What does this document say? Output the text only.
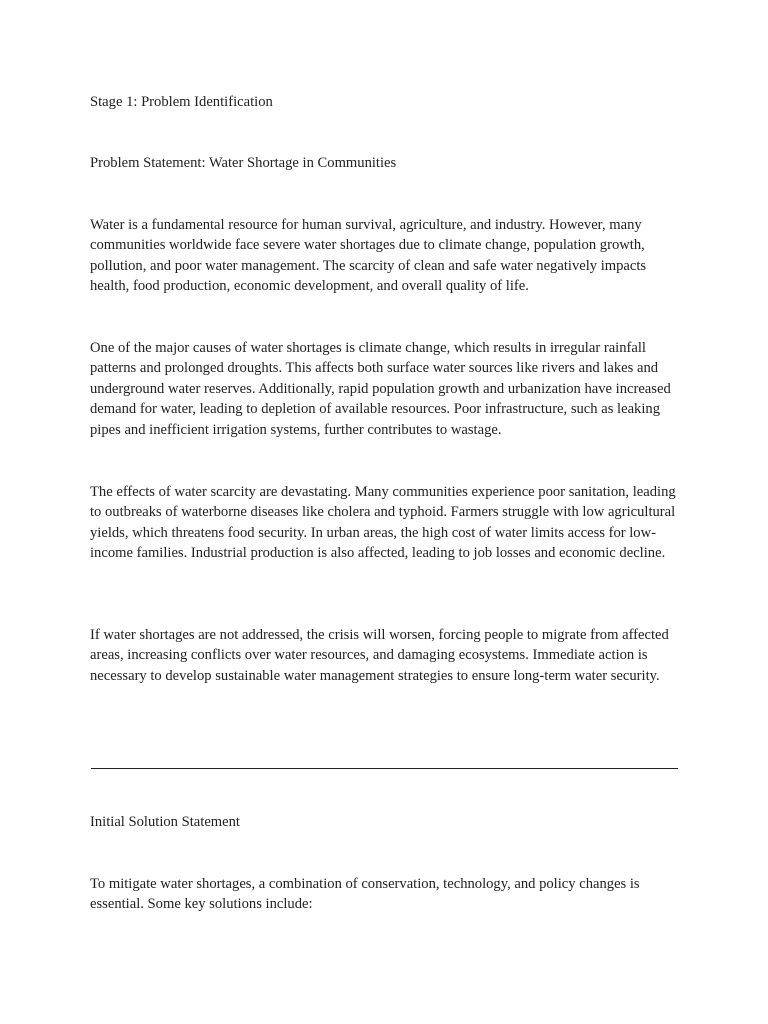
Stage 1: Problem Identification

Problem Statement: Water Shortage in Communities

Water is a fundamental resource for human survival, agriculture, and industry. However, many communities worldwide face severe water shortages due to climate change, population growth, pollution, and poor water management. The scarcity of clean and safe water negatively impacts health, food production, economic development, and overall quality of life.

One of the major causes of water shortages is climate change, which results in irregular rainfall patterns and prolonged droughts. This affects both surface water sources like rivers and lakes and underground water reserves. Additionally, rapid population growth and urbanization have increased demand for water, leading to depletion of available resources. Poor infrastructure, such as leaking pipes and inefficient irrigation systems, further contributes to wastage.

The effects of water scarcity are devastating. Many communities experience poor sanitation, leading to outbreaks of waterborne diseases like cholera and typhoid. Farmers struggle with low agricultural yields, which threatens food security. In urban areas, the high cost of water limits access for low-income families. Industrial production is also affected, leading to job losses and economic decline.

If water shortages are not addressed, the crisis will worsen, forcing people to migrate from affected areas, increasing conflicts over water resources, and damaging ecosystems. Immediate action is necessary to develop sustainable water management strategies to ensure long-term water security.

Initial Solution Statement

To mitigate water shortages, a combination of conservation, technology, and policy changes is essential. Some key solutions include:
